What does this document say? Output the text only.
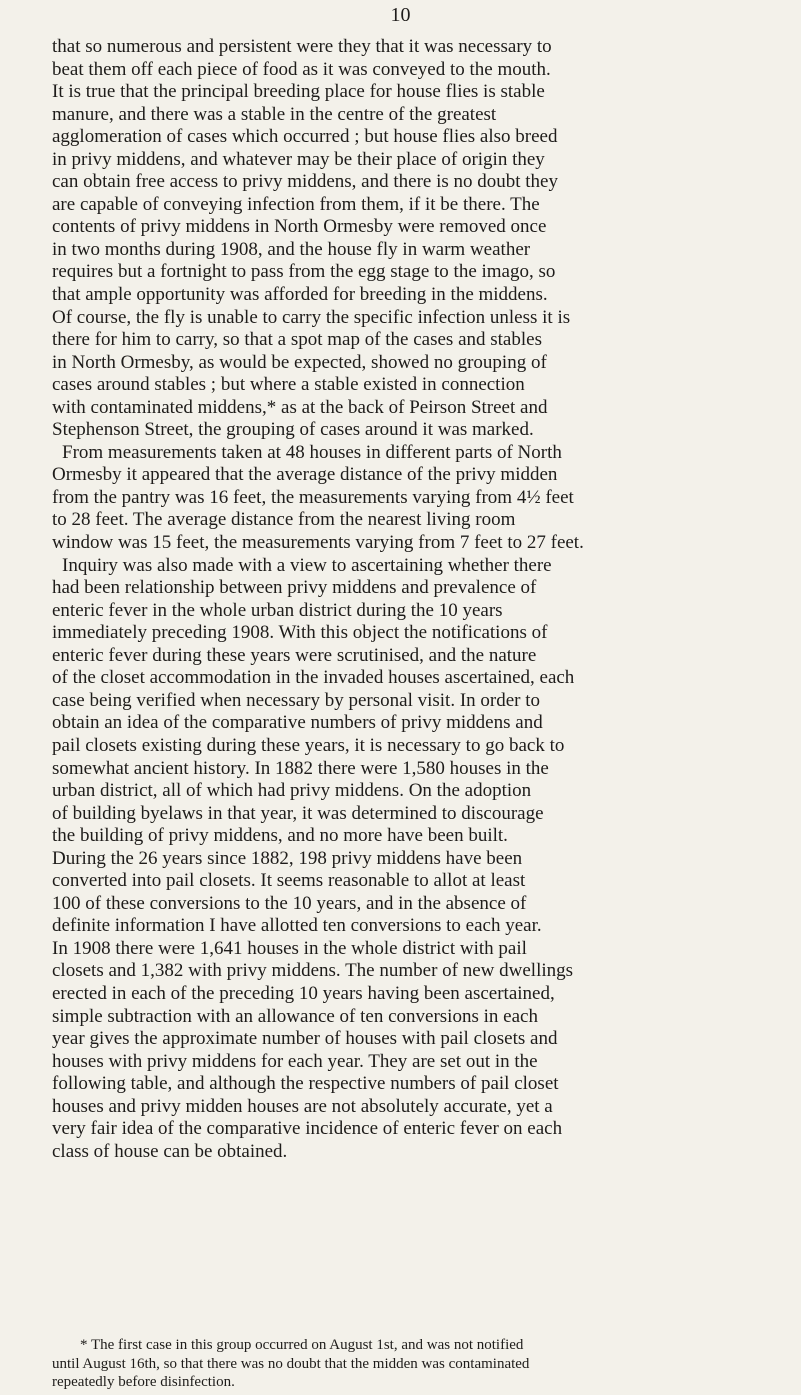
10
that so numerous and persistent were they that it was necessary to
beat them off each piece of food as it was conveyed to the mouth.
It is true that the principal breeding place for house flies is stable
manure, and there was a stable in the centre of the greatest
agglomeration of cases which occurred ; but house flies also breed
in privy middens, and whatever may be their place of origin they
can obtain free access to privy middens, and there is no doubt they
are capable of conveying infection from them, if it be there. The
contents of privy middens in North Ormesby were removed once
in two months during 1908, and the house fly in warm weather
requires but a fortnight to pass from the egg stage to the imago, so
that ample opportunity was afforded for breeding in the middens.
Of course, the fly is unable to carry the specific infection unless it is
there for him to carry, so that a spot map of the cases and stables
in North Ormesby, as would be expected, showed no grouping of
cases around stables ; but where a stable existed in connection
with contaminated middens,* as at the back of Peirson Street and
Stephenson Street, the grouping of cases around it was marked.
From measurements taken at 48 houses in different parts of North
Ormesby it appeared that the average distance of the privy midden
from the pantry was 16 feet, the measurements varying from 4½ feet
to 28 feet. The average distance from the nearest living room
window was 15 feet, the measurements varying from 7 feet to 27 feet.
Inquiry was also made with a view to ascertaining whether there
had been relationship between privy middens and prevalence of
enteric fever in the whole urban district during the 10 years
immediately preceding 1908. With this object the notifications of
enteric fever during these years were scrutinised, and the nature
of the closet accommodation in the invaded houses ascertained, each
case being verified when necessary by personal visit. In order to
obtain an idea of the comparative numbers of privy middens and
pail closets existing during these years, it is necessary to go back to
somewhat ancient history. In 1882 there were 1,580 houses in the
urban district, all of which had privy middens. On the adoption
of building byelaws in that year, it was determined to discourage
the building of privy middens, and no more have been built.
During the 26 years since 1882, 198 privy middens have been
converted into pail closets. It seems reasonable to allot at least
100 of these conversions to the 10 years, and in the absence of
definite information I have allotted ten conversions to each year.
In 1908 there were 1,641 houses in the whole district with pail
closets and 1,382 with privy middens. The number of new dwellings
erected in each of the preceding 10 years having been ascertained,
simple subtraction with an allowance of ten conversions in each
year gives the approximate number of houses with pail closets and
houses with privy middens for each year. They are set out in the
following table, and although the respective numbers of pail closet
houses and privy midden houses are not absolutely accurate, yet a
very fair idea of the comparative incidence of enteric fever on each
class of house can be obtained.
* The first case in this group occurred on August 1st, and was not notified
until August 16th, so that there was no doubt that the midden was contaminated
repeatedly before disinfection.
